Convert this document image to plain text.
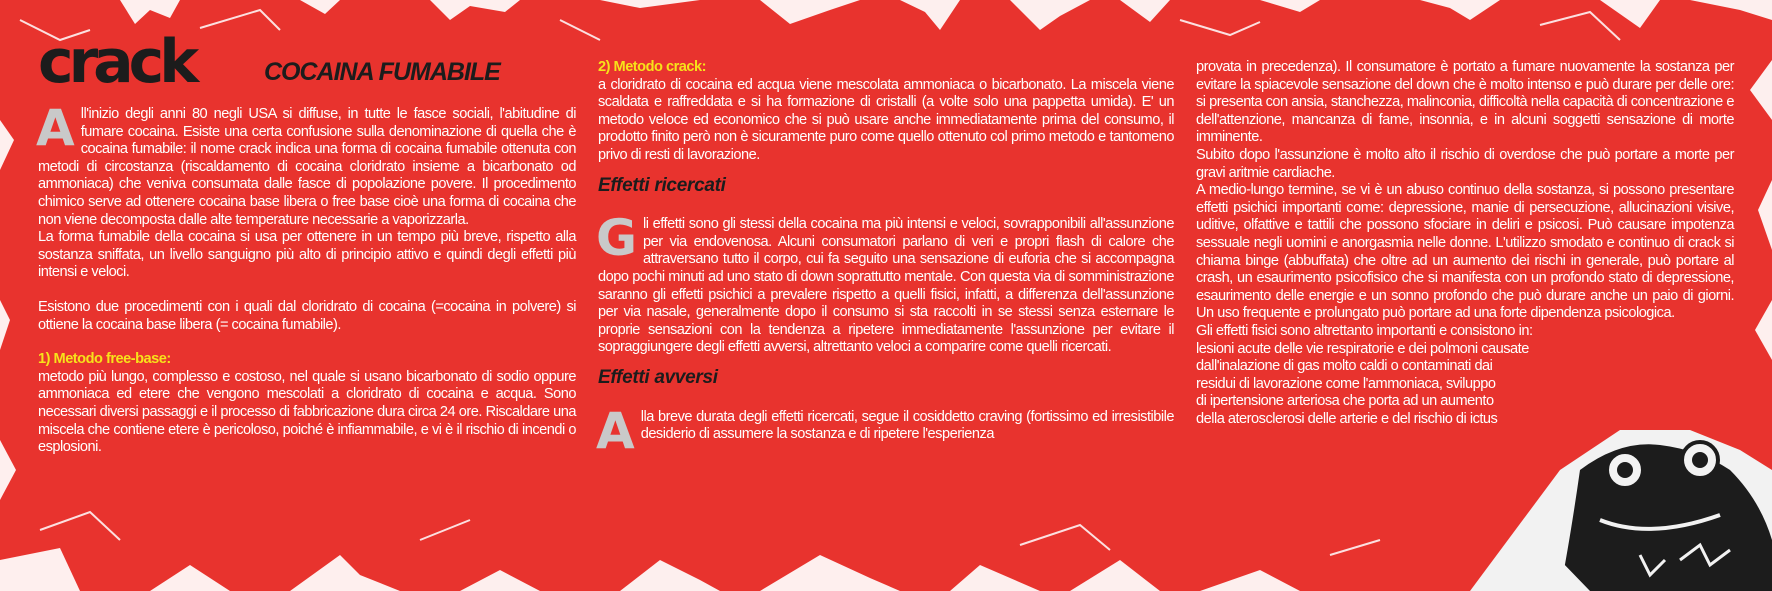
crack	COCAINA FUMABILE

All'inizio degli anni 80 negli USA si diffuse, in tutte le fasce sociali, l'abitudine di fumare cocaina. Esiste una certa confusione sulla denominazione di quella che è cocaina fumabile: il nome crack indica una forma di cocaina fumabile ottenuta con metodi di circostanza (riscaldamento di cocaina cloridrato insieme a bicarbonato od ammoniaca) che veniva consumata dalle fasce di popolazione povere. Il procedimento chimico serve ad ottenere cocaina base libera o free base cioè una forma di cocaina che non viene decomposta dalle alte temperature necessarie a vaporizzarla.

La forma fumabile della cocaina si usa per ottenere in un tempo più breve, rispetto alla sostanza sniffata, un livello sanguigno più alto di principio attivo e quindi degli effetti più intensi e veloci.

Esistono due procedimenti con i quali dal cloridrato di cocaina (=cocaina in polvere) si ottiene la cocaina base libera (= cocaina fumabile).

1) Metodo free-base:

metodo più lungo, complesso e costoso, nel quale si usano bicarbonato di sodio oppure ammoniaca ed etere che vengono mescolati a cloridrato di cocaina e acqua. Sono necessari diversi passaggi e il processo di fabbricazione dura circa 24 ore. Riscaldare una miscela che contiene etere è pericoloso, poiché è infiammabile, e vi è il rischio di incendi o esplosioni.

2) Metodo crack:

a cloridrato di cocaina ed acqua viene mescolata ammoniaca o bicarbonato. La miscela viene scaldata e raffreddata e si ha formazione di cristalli (a volte solo una pappetta umida). E' un metodo veloce ed economico che si può usare anche immediatamente prima del consumo, il prodotto finito però non è sicuramente puro come quello ottenuto col primo metodo e tantomeno privo di resti di lavorazione.

Effetti ricercati

Gli effetti sono gli stessi della cocaina ma più intensi e veloci, sovrapponibili all'assunzione per via endovenosa. Alcuni consumatori parlano di veri e propri flash di calore che attraversano tutto il corpo, cui fa seguito una sensazione di euforia che si accompagna dopo pochi minuti ad uno stato di down soprattutto mentale. Con questa via di somministrazione saranno gli effetti psichici a prevalere rispetto a quelli fisici, infatti, a differenza dell'assunzione per via nasale, generalmente dopo il consumo si sta raccolti in se stessi senza esternare le proprie sensazioni con la tendenza a ripetere immediatamente l'assunzione per evitare il sopraggiungere degli effetti avversi, altrettanto veloci a comparire come quelli ricercati.

Effetti avversi

Alla breve durata degli effetti ricercati, segue il cosiddetto craving (fortissimo ed irresistibile desiderio di assumere la sostanza e di ripetere l'esperienza

provata in precedenza). Il consumatore è portato a fumare nuovamente la sostanza per evitare la spiacevole sensazione del down che è molto intenso e può durare per delle ore: si presenta con ansia, stanchezza, malinconia, difficoltà nella capacità di concentrazione e dell'attenzione, mancanza di fame, insonnia, e in alcuni soggetti sensazione di morte imminente.

Subito dopo l'assunzione è molto alto il rischio di overdose che può portare a morte per gravi aritmie cardiache.

A medio-lungo termine, se vi è un abuso continuo della sostanza, si possono presentare effetti psichici importanti come: depressione, manie di persecuzione, allucinazioni visive, uditive, olfattive e tattili che possono sfociare in deliri e psicosi. Può causare impotenza sessuale negli uomini e anorgasmia nelle donne. L'utilizzo smodato e continuo di crack si chiama binge (abbuffata) che oltre ad un aumento dei rischi in generale, può portare al crash, un esaurimento psicofisico che si manifesta con un profondo stato di depressione, esaurimento delle energie e un sonno profondo che può durare anche un paio di giorni. Un uso frequente e prolungato può portare ad una forte dipendenza psicologica.

Gli effetti fisici sono altrettanto importanti e consistono in:

lesioni acute delle vie respiratorie e dei polmoni causate

dall'inalazione di gas molto caldi o contaminati dai

residui di lavorazione come l'ammoniaca, sviluppo

di ipertensione arteriosa che porta ad un aumento

della aterosclerosi delle arterie e del rischio di ictus
